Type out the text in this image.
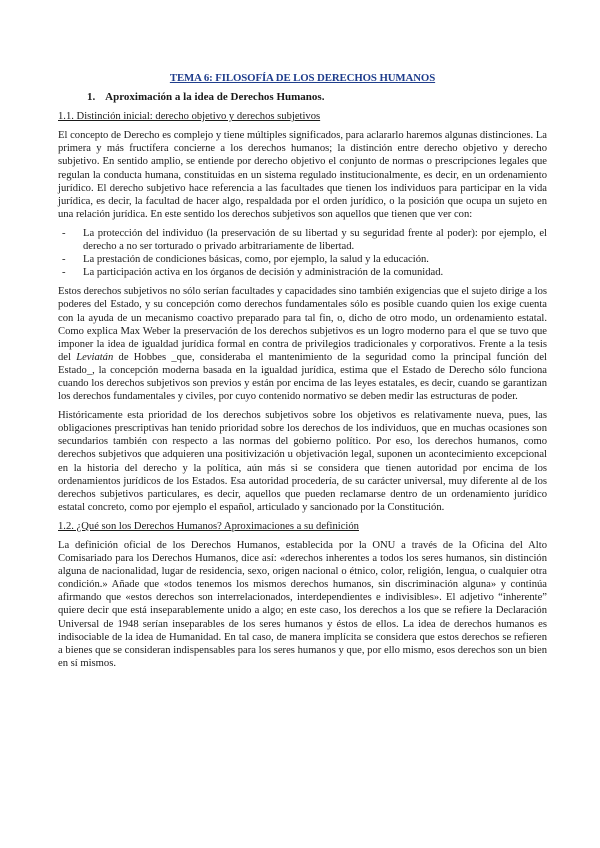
TEMA 6: FILOSOFÍA DE LOS DERECHOS HUMANOS
1. Aproximación a la idea de Derechos Humanos.
1.1. Distinción inicial: derecho objetivo y derechos subjetivos

El concepto de Derecho es complejo y tiene múltiples significados, para aclararlo haremos algunas distinciones. La primera y más fructífera concierne a los derechos humanos; la distinción entre derecho objetivo y derecho subjetivo. En sentido amplio, se entiende por derecho objetivo el conjunto de normas o prescripciones legales que regulan la conducta humana, constituidas en un sistema regulado institucionalmente, es decir, en un ordenamiento jurídico. El derecho subjetivo hace referencia a las facultades que tienen los individuos para participar en la vida jurídica, es decir, la facultad de hacer algo, respaldada por el orden jurídico, o la posición que ocupa un sujeto en una relación jurídica. En este sentido los derechos subjetivos son aquellos que tienen que ver con:

- La protección del individuo (la preservación de su libertad y su seguridad frente al poder): por ejemplo, el derecho a no ser torturado o privado arbitrariamente de libertad.
- La prestación de condiciones básicas, como, por ejemplo, la salud y la educación.
- La participación activa en los órganos de decisión y administración de la comunidad.

Estos derechos subjetivos no sólo serían facultades y capacidades sino también exigencias que el sujeto dirige a los poderes del Estado, y su concepción como derechos fundamentales sólo es posible cuando quien los exige cuenta con la ayuda de un mecanismo coactivo preparado para tal fin, o, dicho de otro modo, un ordenamiento estatal. Como explica Max Weber la preservación de los derechos subjetivos es un logro moderno para el que se tuvo que imponer la idea de igualdad jurídica formal en contra de privilegios tradicionales y corporativos. Frente a la tesis del Leviatán de Hobbes _que, consideraba el mantenimiento de la seguridad como la principal función del Estado_, la concepción moderna basada en la igualdad jurídica, estima que el Estado de Derecho sólo funciona cuando los derechos subjetivos son previos y están por encima de las leyes estatales, es decir, cuando se garantizan los derechos fundamentales y civiles, por cuyo contenido normativo se deben medir las estructuras de poder.

Históricamente esta prioridad de los derechos subjetivos sobre los objetivos es relativamente nueva, pues, las obligaciones prescriptivas han tenido prioridad sobre los derechos de los individuos, que en muchas ocasiones son secundarios también con respecto a las normas del gobierno político. Por eso, los derechos humanos, como derechos subjetivos que adquieren una positivización u objetivación legal, suponen un acontecimiento excepcional en la historia del derecho y la política, aún más si se considera que tienen autoridad por encima de los ordenamientos jurídicos de los Estados. Esa autoridad procedería, de su carácter universal, muy diferente al de los derechos subjetivos particulares, es decir, aquellos que pueden reclamarse dentro de un ordenamiento jurídico estatal concreto, como por ejemplo el español, articulado y sancionado por la Constitución.

1.2. ¿Qué son los Derechos Humanos? Aproximaciones a su definición

La definición oficial de los Derechos Humanos, establecida por la ONU a través de la Oficina del Alto Comisariado para los Derechos Humanos, dice así: «derechos inherentes a todos los seres humanos, sin distinción alguna de nacionalidad, lugar de residencia, sexo, origen nacional o étnico, color, religión, lengua, o cualquier otra condición.» Añade que «todos tenemos los mismos derechos humanos, sin discriminación alguna» y continúa afirmando que «estos derechos son interrelacionados, interdependientes e indivisibles». El adjetivo “inherente” quiere decir que está inseparablemente unido a algo; en este caso, los derechos a los que se refiere la Declaración Universal de 1948 serían inseparables de los seres humanos y éstos de ellos. La idea de derechos humanos es indisociable de la idea de Humanidad. En tal caso, de manera implícita se considera que estos derechos se refieren a bienes que se consideran indispensables para los seres humanos y que, por ello mismo, esos derechos son un bien en sí mismos.
